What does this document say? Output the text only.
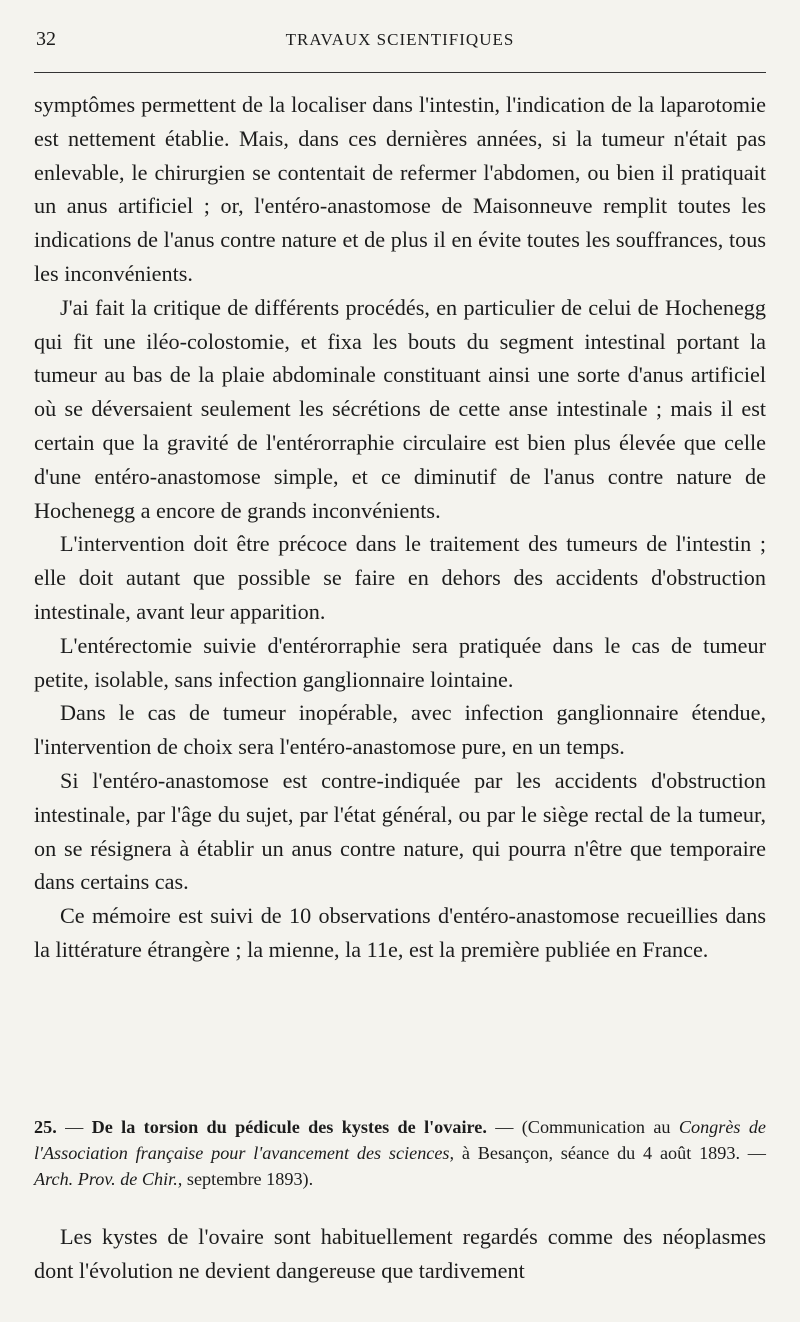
32	TRAVAUX SCIENTIFIQUES

symptômes permettent de la localiser dans l'intestin, l'indication de la laparotomie est nettement établie. Mais, dans ces dernières années, si la tumeur n'était pas enlevable, le chirurgien se contentait de refermer l'abdomen, ou bien il pratiquait un anus artificiel ; or, l'entéro-anastomose de Maisonneuve remplit toutes les indications de l'anus contre nature et de plus il en évite toutes les souffrances, tous les inconvénients.

J'ai fait la critique de différents procédés, en particulier de celui de Hochenegg qui fit une iléo-colostomie, et fixa les bouts du segment intestinal portant la tumeur au bas de la plaie abdominale constituant ainsi une sorte d'anus artificiel où se déversaient seulement les sécrétions de cette anse intestinale ; mais il est certain que la gravité de l'entérorraphie circulaire est bien plus élevée que celle d'une entéro-anastomose simple, et ce diminutif de l'anus contre nature de Hochenegg a encore de grands inconvénients.

L'intervention doit être précoce dans le traitement des tumeurs de l'intestin ; elle doit autant que possible se faire en dehors des accidents d'obstruction intestinale, avant leur apparition.

L'entérectomie suivie d'entérorraphie sera pratiquée dans le cas de tumeur petite, isolable, sans infection ganglionnaire lointaine.

Dans le cas de tumeur inopérable, avec infection ganglionnaire étendue, l'intervention de choix sera l'entéro-anastomose pure, en un temps.

Si l'entéro-anastomose est contre-indiquée par les accidents d'obstruction intestinale, par l'âge du sujet, par l'état général, ou par le siège rectal de la tumeur, on se résignera à établir un anus contre nature, qui pourra n'être que temporaire dans certains cas.

Ce mémoire est suivi de 10 observations d'entéro-anastomose recueillies dans la littérature étrangère ; la mienne, la 11e, est la première publiée en France.

25. — De la torsion du pédicule des kystes de l'ovaire. — (Communication au Congrès de l'Association française pour l'avancement des sciences, à Besançon, séance du 4 août 1893. — Arch. Prov. de Chir., septembre 1893).

Les kystes de l'ovaire sont habituellement regardés comme des néoplasmes dont l'évolution ne devient dangereuse que tardivement
